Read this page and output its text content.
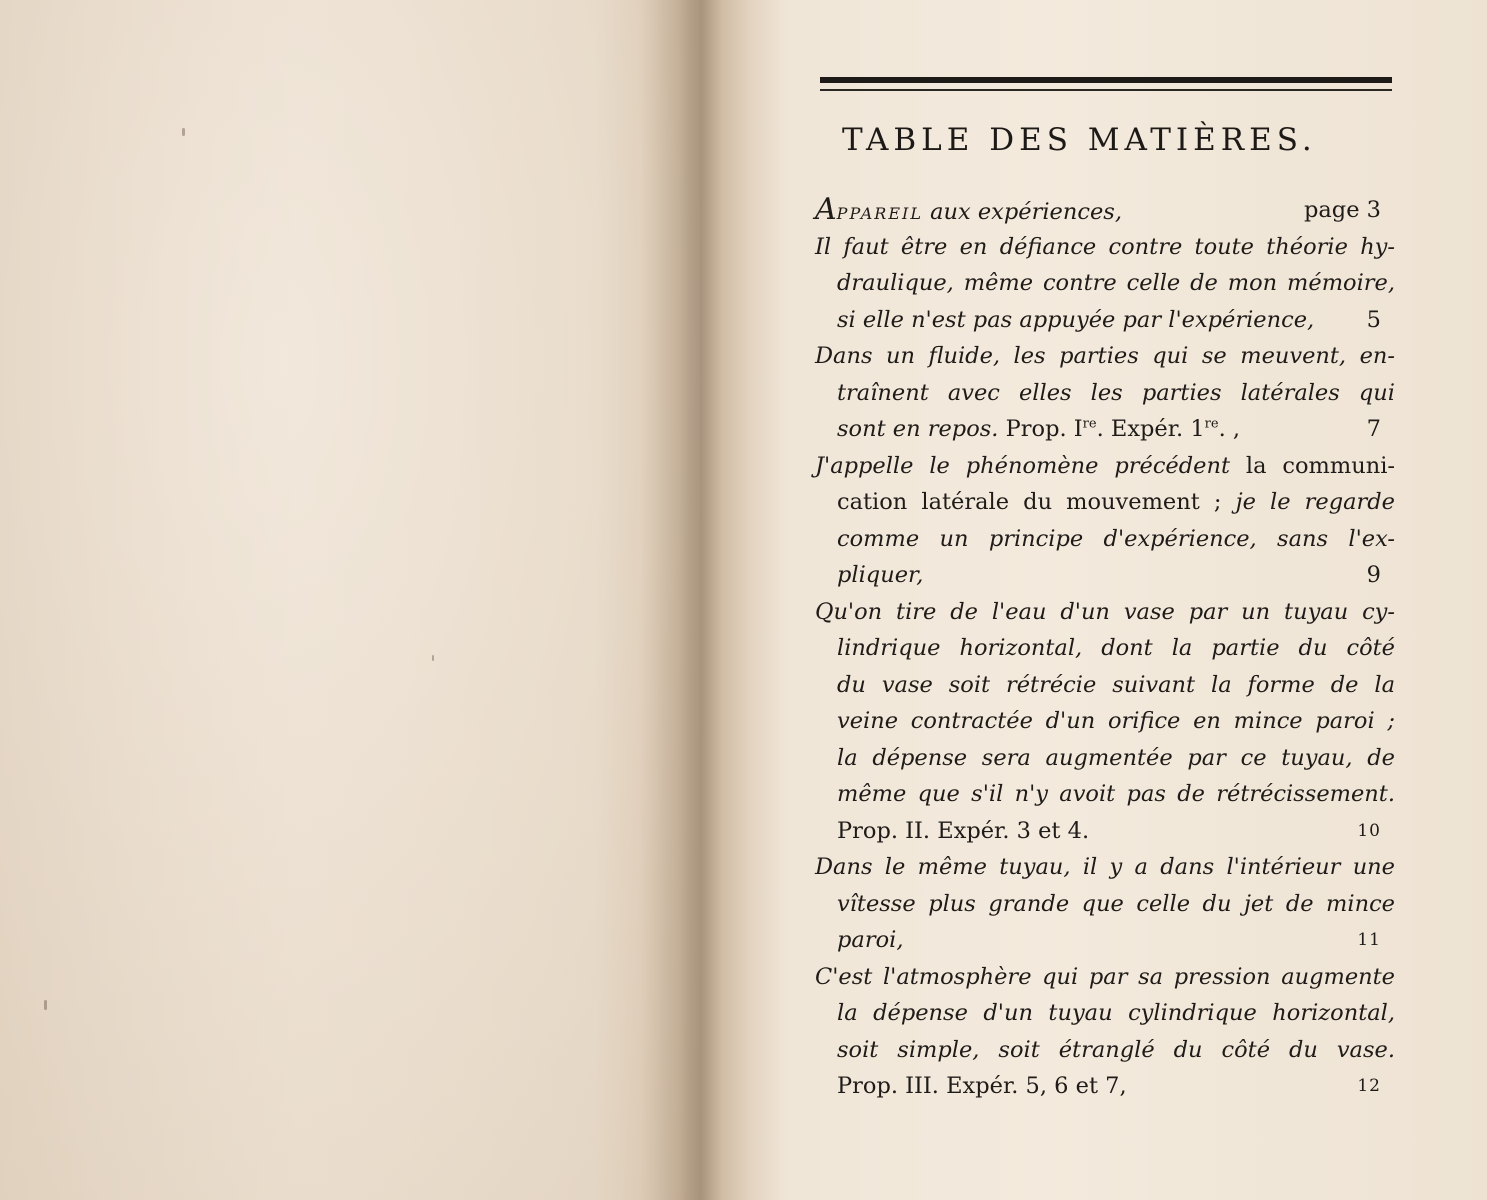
TABLE DES MATIÈRES.
APPAREIL aux expériences,	page 3
Il faut être en défiance contre toute théorie hy-
draulique, même contre celle de mon mémoire,
si elle n'est pas appuyée par l'expérience, 5
Dans un fluide, les parties qui se meuvent, en-
traînent avec elles les parties latérales qui
sont en repos. Prop. Ire. Expér. 1re. ,	7
J'appelle le phénomène précédent la communi-
cation latérale du mouvement ; je le regarde
comme un principe d'expérience, sans l'ex-
pliquer,	9
Qu'on tire de l'eau d'un vase par un tuyau cy-
lindrique horizontal, dont la partie du côté
du vase soit rétrécie suivant la forme de la
veine contractée d'un orifice en mince paroi ;
la dépense sera augmentée par ce tuyau, de
même que s'il n'y avoit pas de rétrécissement.
Prop. II. Expér. 3 et 4.	10
Dans le même tuyau, il y a dans l'intérieur une
vîtesse plus grande que celle du jet de mince
paroi,	11
C'est l'atmosphère qui par sa pression augmente
la dépense d'un tuyau cylindrique horizontal,
soit simple, soit étranglé du côté du vase.
Prop. III. Expér. 5, 6 et 7,	12
